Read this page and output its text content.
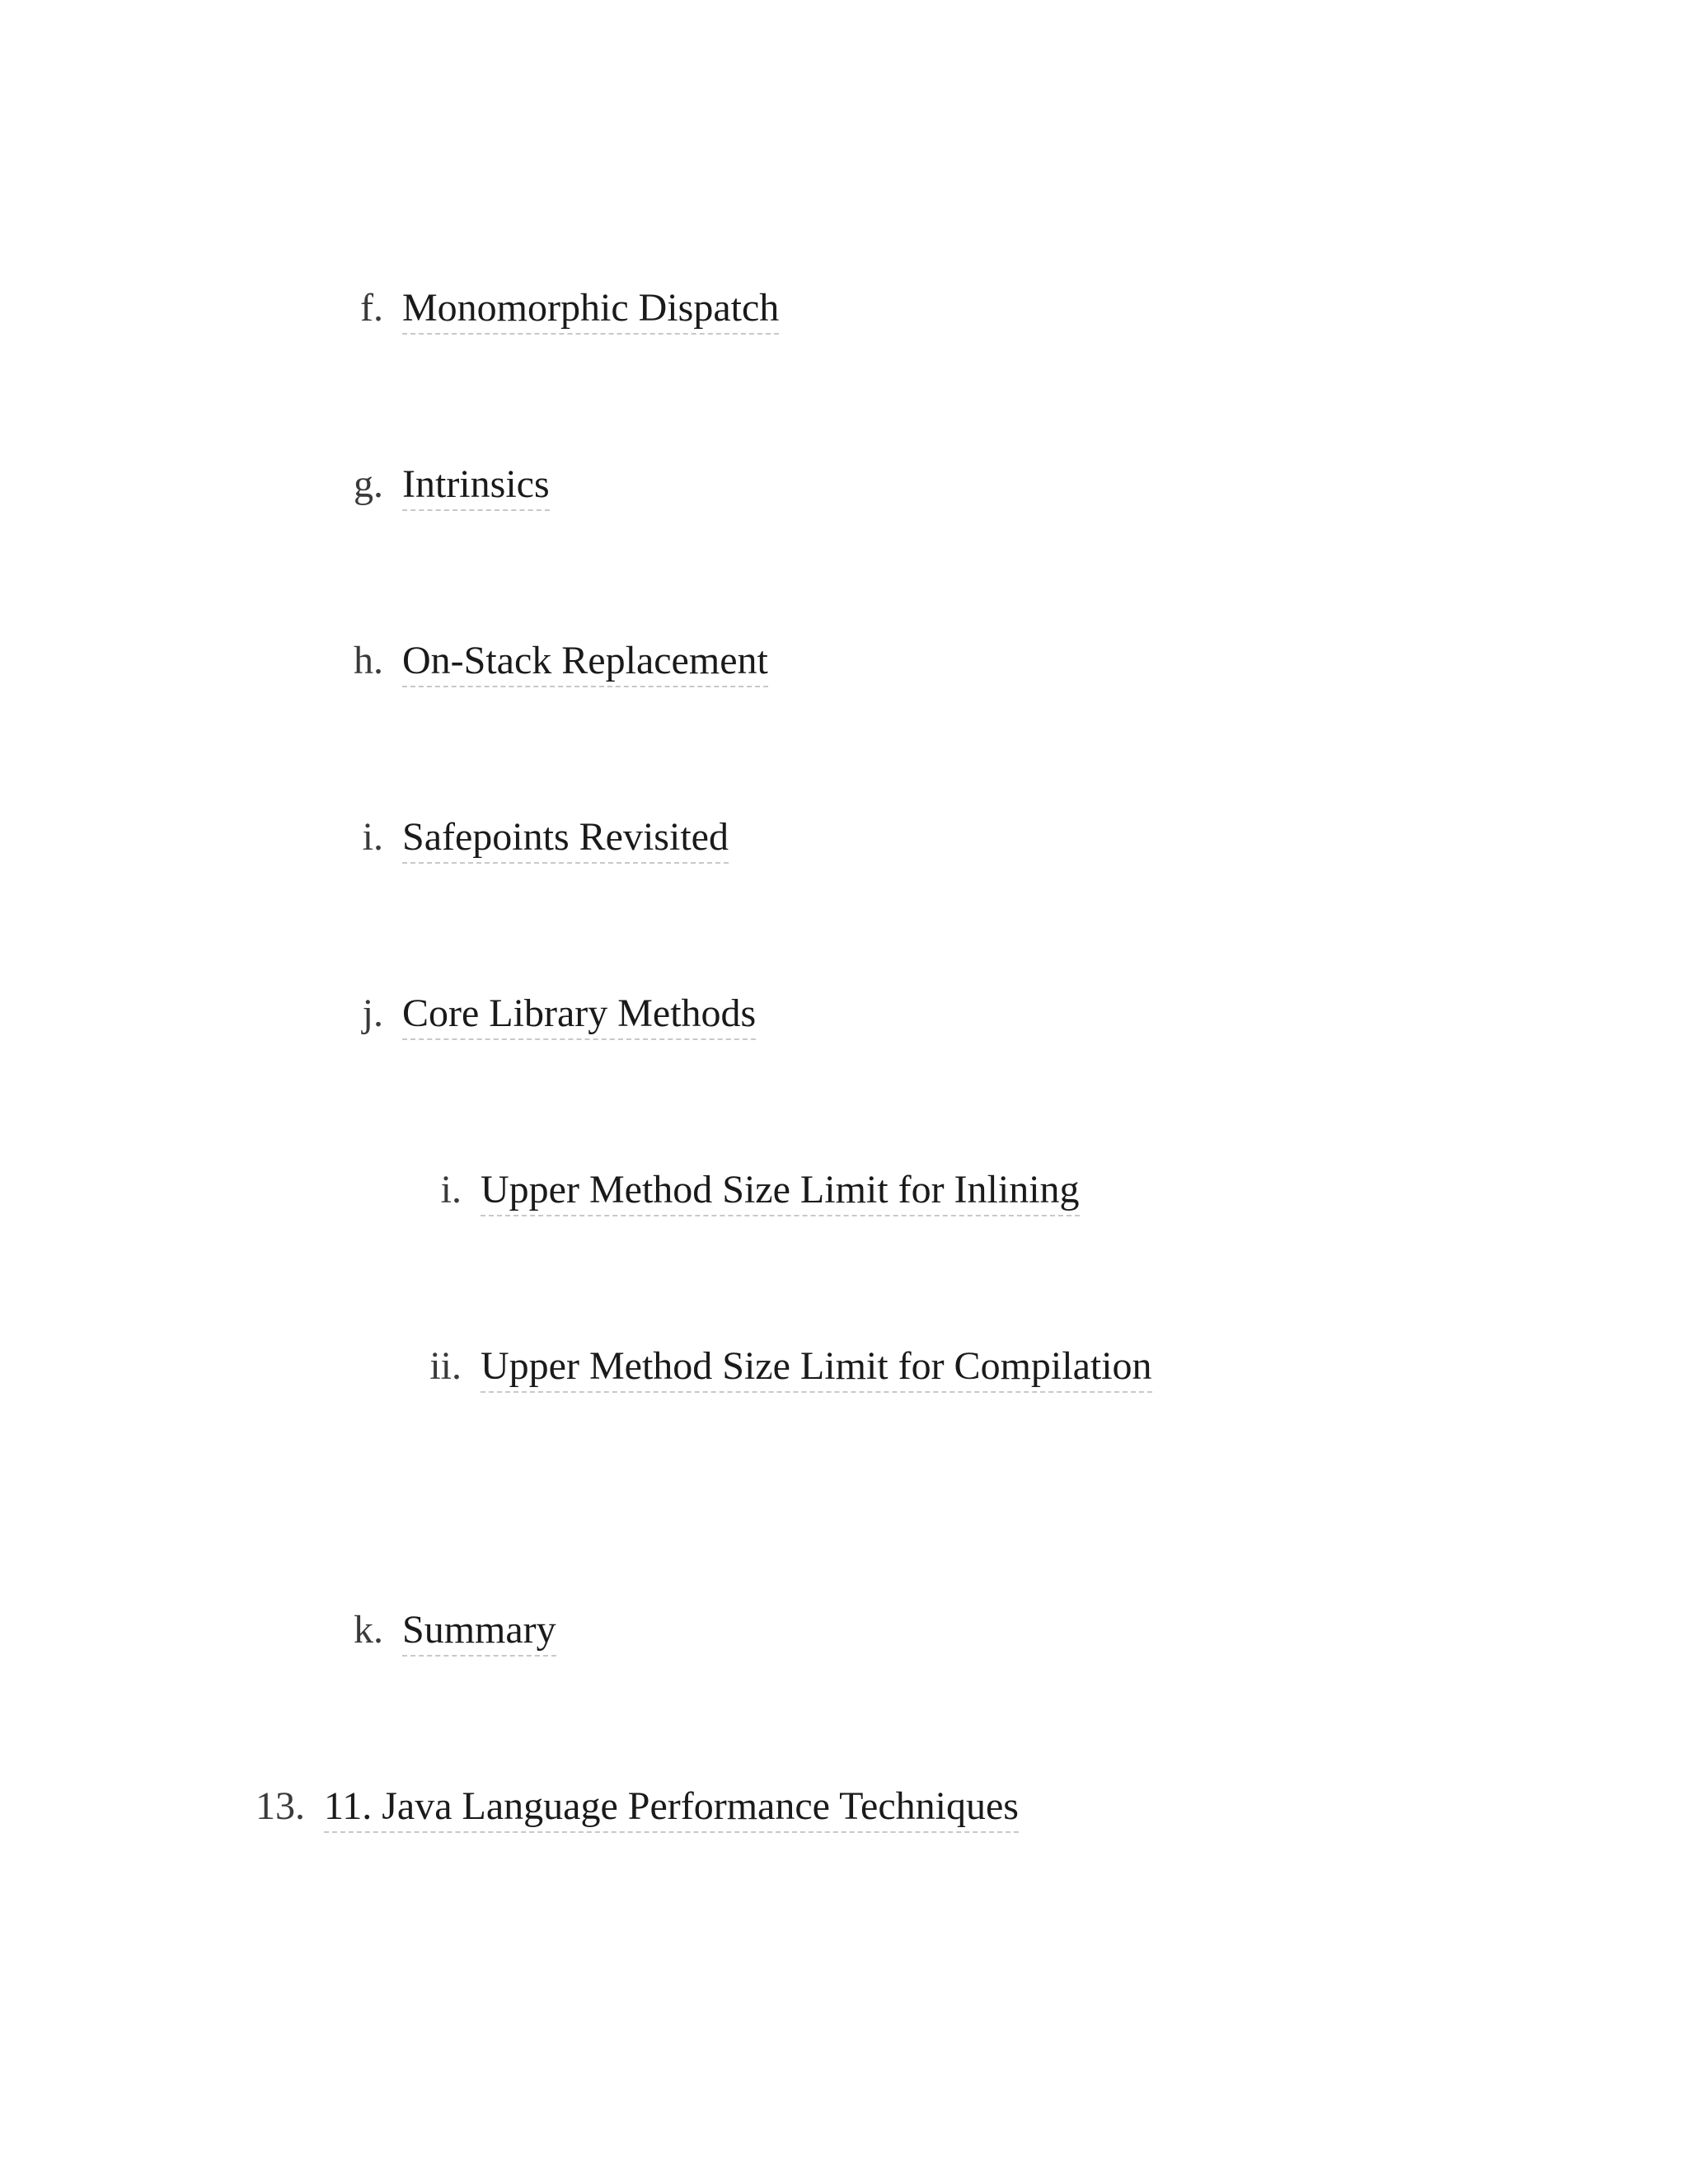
f. Monomorphic Dispatch
g. Intrinsics
h. On-Stack Replacement
i. Safepoints Revisited
j. Core Library Methods
i. Upper Method Size Limit for Inlining
ii. Upper Method Size Limit for Compilation
k. Summary
13. 11. Java Language Performance Techniques
